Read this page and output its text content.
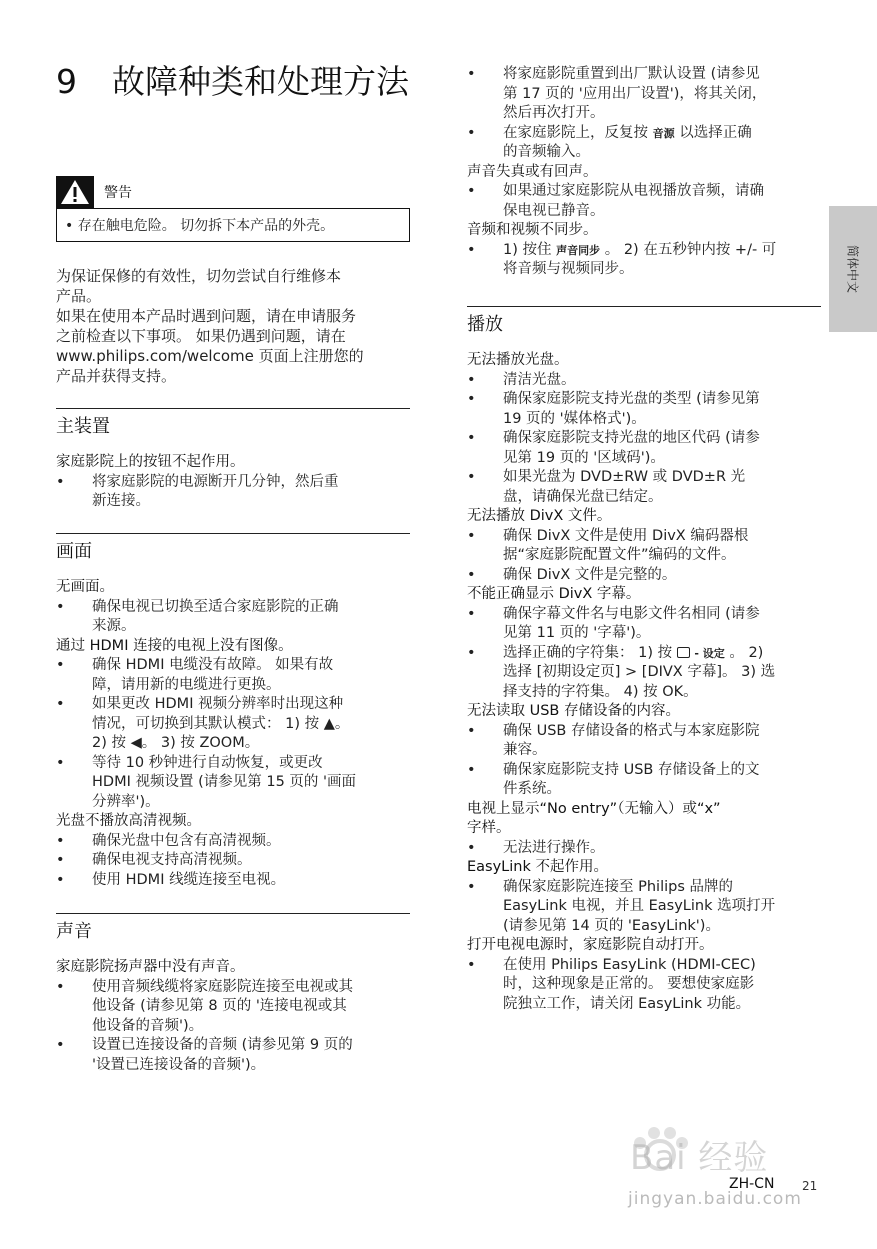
9 故障种类和处理方法
警告
• 存在触电危险。 切勿拆下本产品的外壳。
为保证保修的有效性，切勿尝试自行维修本
产品。
如果在使用本产品时遇到问题，请在申请服务
之前检查以下事项。 如果仍遇到问题，请在
www.philips.com/welcome 页面上注册您的
产品并获得支持。
主装置
家庭影院上的按钮不起作用。
• 将家庭影院的电源断开几分钟，然后重
新连接。
画面
无画面。
• 确保电视已切换至适合家庭影院的正确
来源。
通过 HDMI 连接的电视上没有图像。
• 确保 HDMI 电缆没有故障。 如果有故
障，请用新的电缆进行更换。
• 如果更改 HDMI 视频分辨率时出现这种
情况，可切换到其默认模式： 1) 按 ▲。
2) 按 ◀。 3) 按 ZOOM。
• 等待 10 秒钟进行自动恢复，或更改
HDMI 视频设置 (请参见第 15 页的 '画面
分辨率')。
光盘不播放高清视频。
• 确保光盘中包含有高清视频。
• 确保电视支持高清视频。
• 使用 HDMI 线缆连接至电视。
声音
家庭影院扬声器中没有声音。
• 使用音频线缆将家庭影院连接至电视或其
他设备 (请参见第 8 页的 '连接电视或其
他设备的音频')。
• 设置已连接设备的音频 (请参见第 9 页的
'设置已连接设备的音频')。
• 将家庭影院重置到出厂默认设置 (请参见
第 17 页的 '应用出厂设置')，将其关闭，
然后再次打开。
• 在家庭影院上，反复按 音源 以选择正确
的音频输入。
声音失真或有回声。
• 如果通过家庭影院从电视播放音频，请确
保电视已静音。
音频和视频不同步。
• 1) 按住 声音同步 。 2) 在五秒钟内按 +/- 可
将音频与视频同步。
播放
无法播放光盘。
• 清洁光盘。
• 确保家庭影院支持光盘的类型 (请参见第
19 页的 '媒体格式')。
• 确保家庭影院支持光盘的地区代码 (请参
见第 19 页的 '区域码')。
• 如果光盘为 DVD±RW 或 DVD±R 光
盘，请确保光盘已结定。
无法播放 DivX 文件。
• 确保 DivX 文件是使用 DivX 编码器根
据“家庭影院配置文件”编码的文件。
• 确保 DivX 文件是完整的。
不能正确显示 DivX 字幕。
• 确保字幕文件名与电影文件名相同 (请参
见第 11 页的 '字幕')。
• 选择正确的字符集： 1) 按 - 设定 。 2)
选择 [初期设定页] > [DIVX 字幕]。 3) 选
择支持的字符集。 4) 按 OK。
无法读取 USB 存储设备的内容。
• 确保 USB 存储设备的格式与本家庭影院
兼容。
• 确保家庭影院支持 USB 存储设备上的文
件系统。
电视上显示“No entry”（无输入）或“x”
字样。
• 无法进行操作。
EasyLink 不起作用。
• 确保家庭影院连接至 Philips 品牌的
EasyLink 电视，并且 EasyLink 选项打开
(请参见第 14 页的 'EasyLink')。
打开电视电源时，家庭影院自动打开。
• 在使用 Philips EasyLink (HDMI-CEC)
时，这种现象是正常的。 要想使家庭影
院独立工作，请关闭 EasyLink 功能。
简体中文
Bai 经验
jingyan.baidu.com
ZH-CN 21
